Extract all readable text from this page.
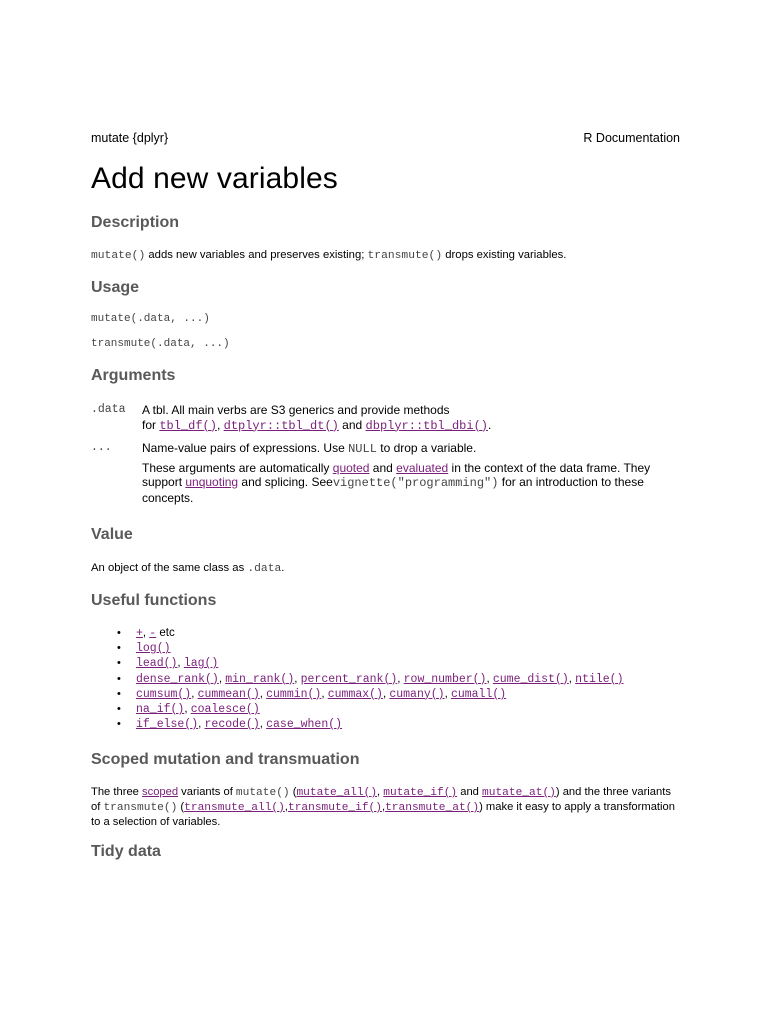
mutate {dplyr}	R Documentation
Add new variables
Description
mutate() adds new variables and preserves existing; transmute() drops existing variables.
Usage
mutate(.data, ...)
transmute(.data, ...)
Arguments
.data A tbl. All main verbs are S3 generics and provide methods
for tbl_df(), dtplyr::tbl_dt() and dbplyr::tbl_dbi().
...	Name-value pairs of expressions. Use NULL to drop a variable.
These arguments are automatically quoted and evaluated in the context of the data frame. They support unquoting and splicing. Seevignette("programming") for an introduction to these concepts.
Value
An object of the same class as .data.
Useful functions
• +, - etc
• log()
• lead(), lag()
• dense_rank(), min_rank(), percent_rank(), row_number(), cume_dist(), ntile()
• cumsum(), cummean(), cummin(), cummax(), cumany(), cumall()
• na_if(), coalesce()
• if_else(), recode(), case_when()
Scoped mutation and transmuation
The three scoped variants of mutate() (mutate_all(), mutate_if() and mutate_at()) and the three variants of transmute() (transmute_all(),transmute_if(),transmute_at()) make it easy to apply a transformation to a selection of variables.
Tidy data
